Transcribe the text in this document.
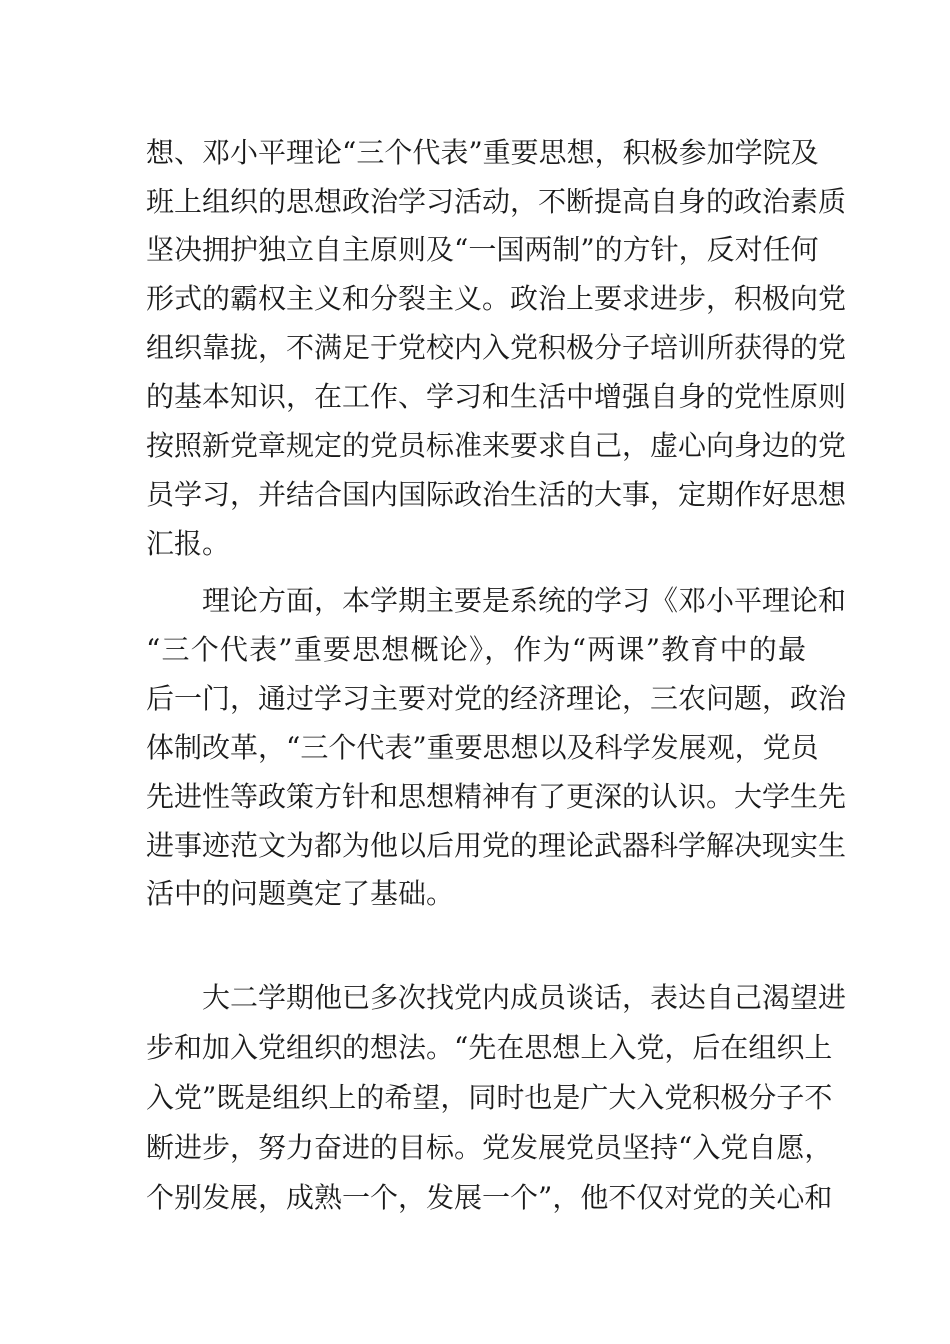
想、邓小平理论“三个代表”重要思想，积极参加学院及
班上组织的思想政治学习活动，不断提高自身的政治素质
坚决拥护独立自主原则及“一国两制”的方针，反对任何
形式的霸权主义和分裂主义。政治上要求进步，积极向党
组织靠拢，不满足于党校内入党积极分子培训所获得的党
的基本知识，在工作、学习和生活中增强自身的党性原则
按照新党章规定的党员标准来要求自己，虚心向身边的党
员学习，并结合国内国际政治生活的大事，定期作好思想
汇报。
理论方面，本学期主要是系统的学习《邓小平理论和
“三个代表”重要思想概论》，作为“两课”教育中的最
后一门，通过学习主要对党的经济理论，三农问题，政治
体制改革，“三个代表”重要思想以及科学发展观，党员
先进性等政策方针和思想精神有了更深的认识。大学生先
进事迹范文为都为他以后用党的理论武器科学解决现实生
活中的问题奠定了基础。
大二学期他已多次找党内成员谈话，表达自己渴望进
步和加入党组织的想法。“先在思想上入党，后在组织上
入党”既是组织上的希望，同时也是广大入党积极分子不
断进步，努力奋进的目标。党发展党员坚持“入党自愿，
个别发展，成熟一个，发展一个”，他不仅对党的关心和
